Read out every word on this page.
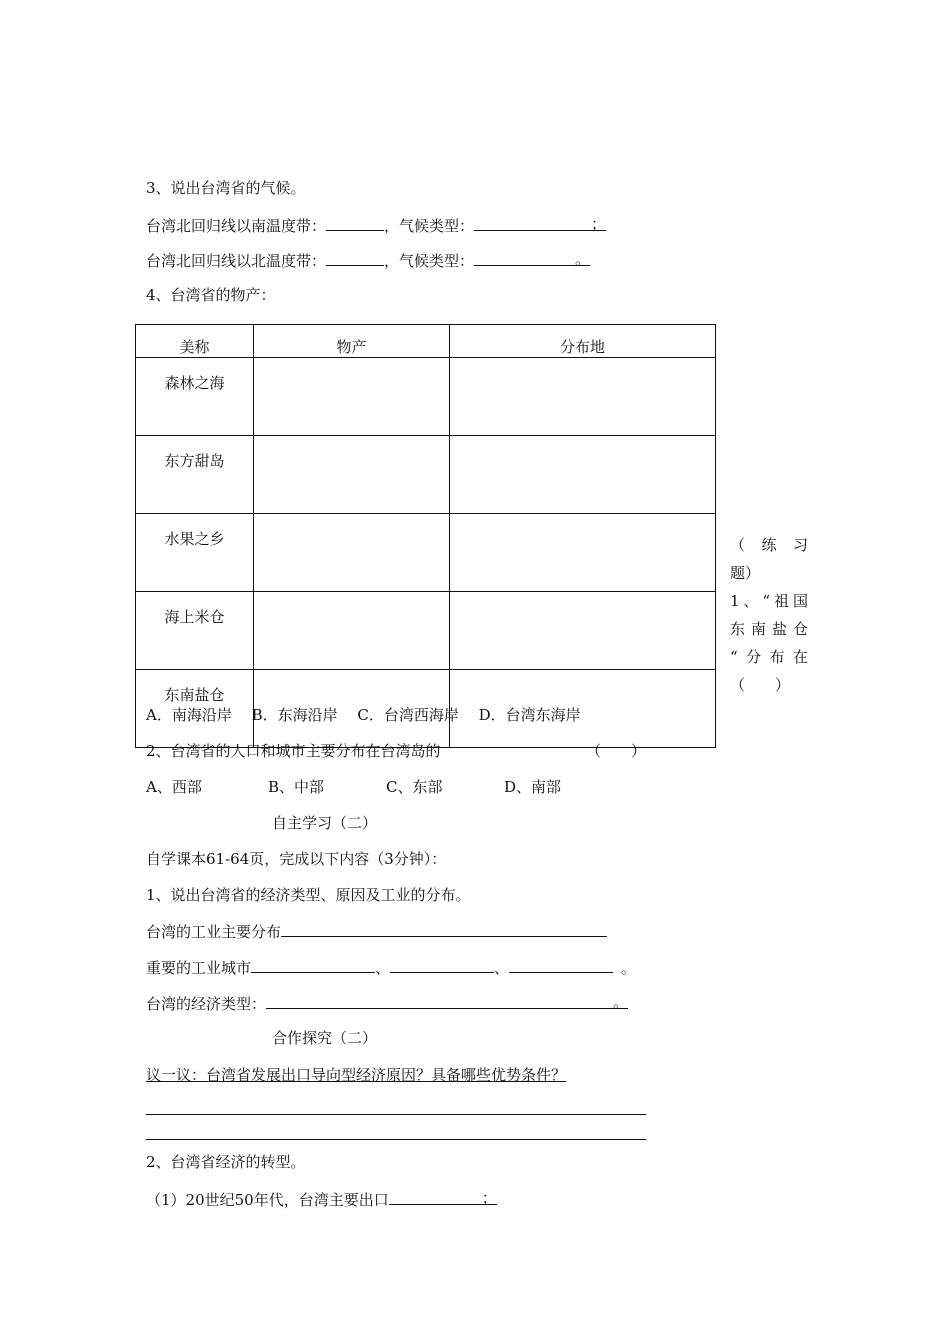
3、说出台湾省的气候。
台湾北回归线以南温度带：	，气候类型：	；
台湾北回归线以北温度带：	，气候类型：	。
4、台湾省的物产：
美称	物产	分布地
森林之海		
东方甜岛		
水果之乡		
海上米仓		
东南盐仓		
（ 练 习
题）
1、“祖国
东南盐仓
“分布在
（　　）
A．南海沿岸　 B．东海沿岸　 C．台湾西海岸　 D．台湾东海岸
2、台湾省的人口和城市主要分布在台湾岛的	（　　）
A、西部	B、中部	C、东部	D、南部
自主学习（二）
自学课本61-64页，完成以下内容（3分钟）：
1、说出台湾省的经济类型、原因及工业的分布。
台湾的工业主要分布
重要的工业城市	、	、	。
台湾的经济类型：	。
合作探究（二）
议一议：台湾省发展出口导向型经济原因？具备哪些优势条件？
2、台湾省经济的转型。
（1）20世纪50年代，台湾主要出口	；
